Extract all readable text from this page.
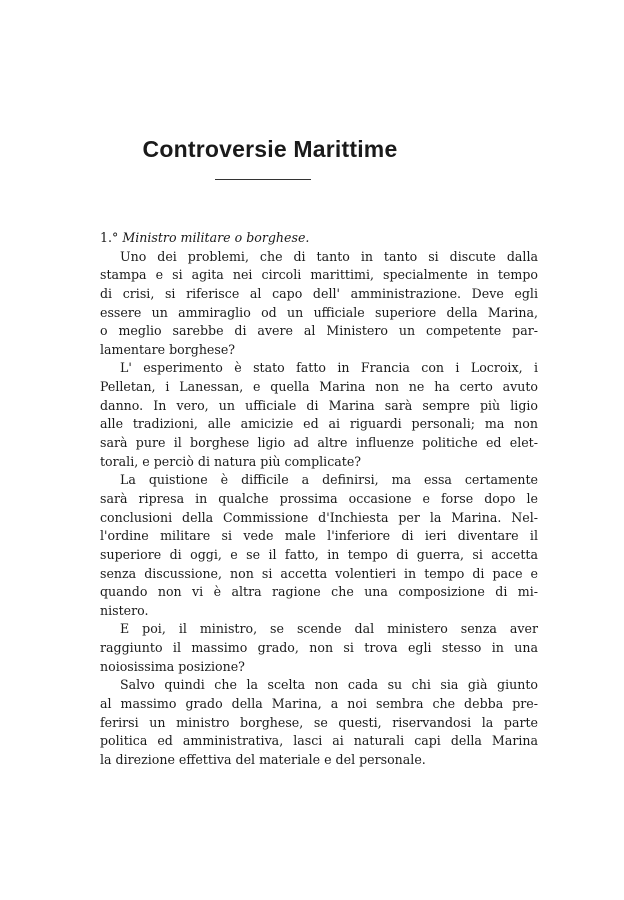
Controversie Marittime
1.° Ministro militare o borghese.
Uno dei problemi, che di tanto in tanto si discute dalla
stampa e si agita nei circoli marittimi, specialmente in tempo
di crisi, si riferisce al capo dell' amministrazione. Deve egli
essere un ammiraglio od un ufficiale superiore della Marina,
o meglio sarebbe di avere al Ministero un competente par-
lamentare borghese?
L' esperimento è stato fatto in Francia con i Locroix, i
Pelletan, i Lanessan, e quella Marina non ne ha certo avuto
danno. In vero, un ufficiale di Marina sarà sempre più ligio
alle tradizioni, alle amicizie ed ai riguardi personali; ma non
sarà pure il borghese ligio ad altre influenze politiche ed elet-
torali, e perciò di natura più complicate?
La quistione è difficile a definirsi, ma essa certamente
sarà ripresa in qualche prossima occasione e forse dopo le
conclusioni della Commissione d'Inchiesta per la Marina. Nel-
l'ordine militare si vede male l'inferiore di ieri diventare il
superiore di oggi, e se il fatto, in tempo di guerra, si accetta
senza discussione, non si accetta volentieri in tempo di pace e
quando non vi è altra ragione che una composizione di mi-
nistero.
E poi, il ministro, se scende dal ministero senza aver
raggiunto il massimo grado, non si trova egli stesso in una
noiosissima posizione?
Salvo quindi che la scelta non cada su chi sia già giunto
al massimo grado della Marina, a noi sembra che debba pre-
ferirsi un ministro borghese, se questi, riservandosi la parte
politica ed amministrativa, lasci ai naturali capi della Marina
la direzione effettiva del materiale e del personale.
